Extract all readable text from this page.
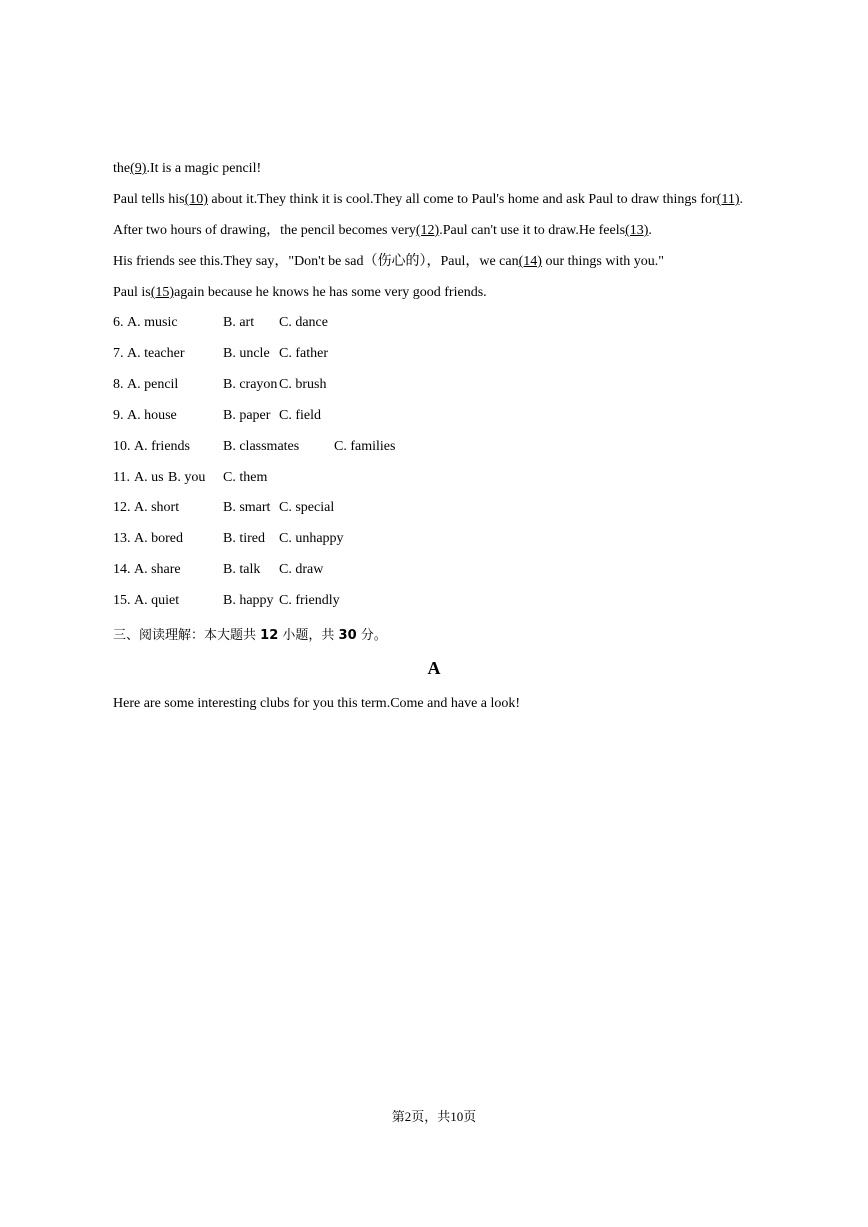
the(9).It is a magic pencil!
Paul tells his(10) about it.They think it is cool.They all come to Paul's home and ask Paul to draw things for(11).
After two hours of drawing，the pencil becomes very(12).Paul can't use it to draw.He feels(13).
His friends see this.They say，"Don't be sad（伤心的），Paul，we can(14) our things with you."
Paul is(15)again because he knows he has some very good friends.
6. A. music	B. art C. dance
7. A. teacher	B. uncle C. father
8. A. pencil	B. crayon C. brush
9. A. house	B. paper C. field
10. A. friends B. classmates C. families
11. A. us B. you C. them
12. A. short	B. smart C. special
13. A. bored	B. tired C. unhappy
14. A. share	B. talk C. draw
15. A. quiet	B. happy C. friendly
三、阅读理解：本大题共 12 小题，共 30 分。
A
Here are some interesting clubs for you this term.Come and have a look!
第2页，共10页
